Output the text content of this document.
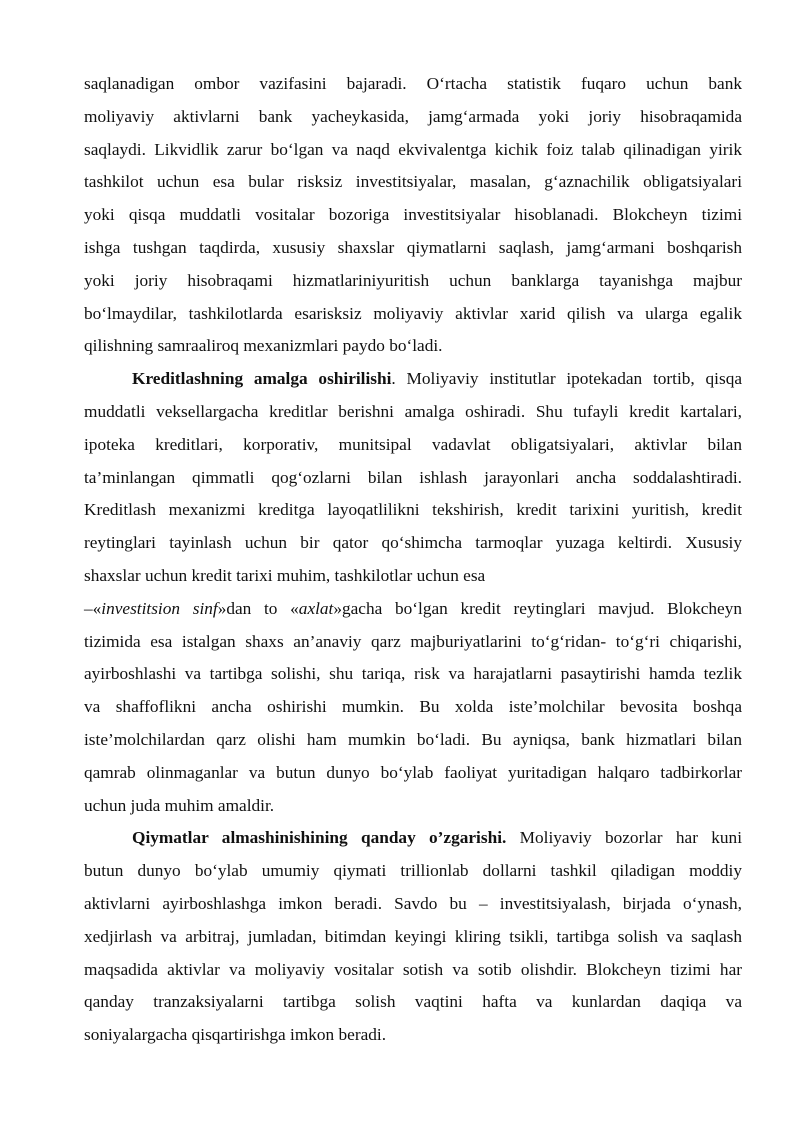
saqlanadigan ombor vazifasini bajaradi. O‘rtacha statistik fuqaro uchun bank
moliyaviy aktivlarni bank yacheykasida, jamg‘armada yoki joriy hisobraqamida
saqlaydi. Likvidlik zarur bo‘lgan va naqd ekvivalentga kichik foiz talab qilinadigan yirik
tashkilot uchun esa bular risksiz investitsiyalar, masalan, g‘aznachilik obligatsiyalari
yoki qisqa muddatli vositalar bozoriga investitsiyalar hisoblanadi. Blokcheyn tizimi
ishga tushgan taqdirda, xususiy shaxslar qiymatlarni saqlash, jamg‘armani boshqarish
yoki joriy hisobraqami hizmatlariniyuritish uchun banklarga tayanishga majbur
bo‘lmaydilar, tashkilotlarda esarisksiz moliyaviy aktivlar xarid qilish va ularga egalik
qilishning samraaliroq mexanizmlari paydo bo‘ladi.
Kreditlashning amalga oshirilishi. Moliyaviy institutlar ipotekadan tortib, qisqa
muddatli veksellargacha kreditlar berishni amalga oshiradi. Shu tufayli kredit kartalari,
ipoteka kreditlari, korporativ, munitsipal vadavlat obligatsiyalari, aktivlar bilan
ta’minlangan qimmatli qog‘ozlarni bilan ishlash jarayonlari ancha soddalashtiradi.
Kreditlash mexanizmi kreditga layoqatlilikni tekshirish, kredit tarixini yuritish, kredit
reytinglari tayinlash uchun bir qator qo‘shimcha tarmoqlar yuzaga keltirdi. Xususiy
shaxslar uchun kredit tarixi muhim, tashkilotlar uchun esa
–«investitsion sinf»dan to «axlat»gacha bo‘lgan kredit reytinglari mavjud. Blokcheyn
tizimida esa istalgan shaxs an’anaviy qarz majburiyatlarini to‘g‘ridan- to‘g‘ri chiqarishi,
ayirboshlashi va tartibga solishi, shu tariqa, risk va harajatlarni pasaytirishi hamda tezlik
va shaffoflikni ancha oshirishi mumkin. Bu xolda iste’molchilar bevosita boshqa
iste’molchilardan qarz olishi ham mumkin bo‘ladi. Bu ayniqsa, bank hizmatlari bilan
qamrab olinmaganlar va butun dunyo bo‘ylab faoliyat yuritadigan halqaro tadbirkorlar
uchun juda muhim amaldir.
Qiymatlar almashinishining qanday o’zgarishi. Moliyaviy bozorlar har kuni
butun dunyo bo‘ylab umumiy qiymati trillionlab dollarni tashkil qiladigan moddiy
aktivlarni ayirboshlashga imkon beradi. Savdo bu – investitsiyalash, birjada o‘ynash,
xedjirlash va arbitraj, jumladan, bitimdan keyingi kliring tsikli, tartibga solish va saqlash
maqsadida aktivlar va moliyaviy vositalar sotish va sotib olishdir. Blokcheyn tizimi har
qanday tranzaksiyalarni tartibga solish vaqtini hafta va kunlardan daqiqa va
soniyalargacha qisqartirishga imkon beradi.
